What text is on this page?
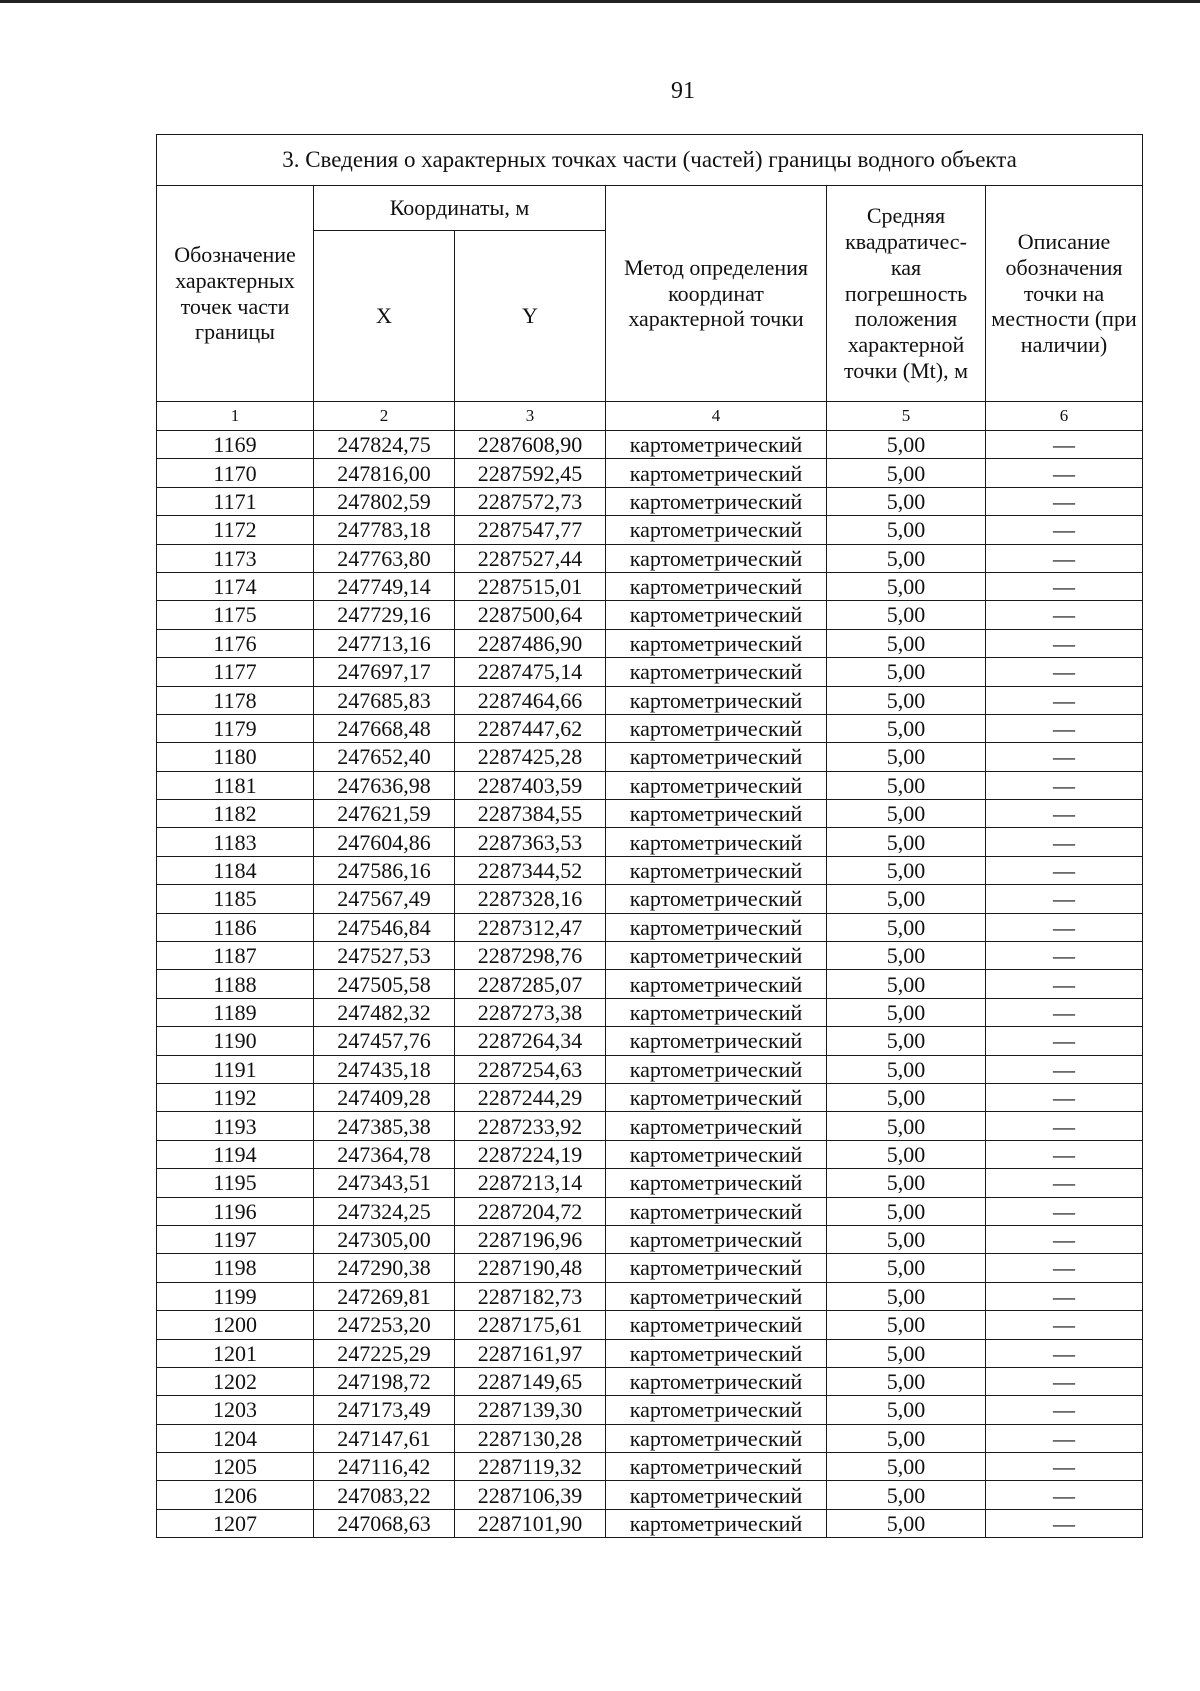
91
3. Сведения о характерных точках части (частей) границы водного объекта					
Обозначение характерных точек части границы	Координаты, м		Метод определения координат характерной точки	Средняя квадратичес-кая погрешность положения характерной точки (Mt), м	Описание обозначения точки на местности (при наличии)
	X	Y			
1	2	3	4	5	6
1169	247824,75	2287608,90	картометрический	5,00	—
1170	247816,00	2287592,45	картометрический	5,00	—
1171	247802,59	2287572,73	картометрический	5,00	—
1172	247783,18	2287547,77	картометрический	5,00	—
1173	247763,80	2287527,44	картометрический	5,00	—
1174	247749,14	2287515,01	картометрический	5,00	—
1175	247729,16	2287500,64	картометрический	5,00	—
1176	247713,16	2287486,90	картометрический	5,00	—
1177	247697,17	2287475,14	картометрический	5,00	—
1178	247685,83	2287464,66	картометрический	5,00	—
1179	247668,48	2287447,62	картометрический	5,00	—
1180	247652,40	2287425,28	картометрический	5,00	—
1181	247636,98	2287403,59	картометрический	5,00	—
1182	247621,59	2287384,55	картометрический	5,00	—
1183	247604,86	2287363,53	картометрический	5,00	—
1184	247586,16	2287344,52	картометрический	5,00	—
1185	247567,49	2287328,16	картометрический	5,00	—
1186	247546,84	2287312,47	картометрический	5,00	—
1187	247527,53	2287298,76	картометрический	5,00	—
1188	247505,58	2287285,07	картометрический	5,00	—
1189	247482,32	2287273,38	картометрический	5,00	—
1190	247457,76	2287264,34	картометрический	5,00	—
1191	247435,18	2287254,63	картометрический	5,00	—
1192	247409,28	2287244,29	картометрический	5,00	—
1193	247385,38	2287233,92	картометрический	5,00	—
1194	247364,78	2287224,19	картометрический	5,00	—
1195	247343,51	2287213,14	картометрический	5,00	—
1196	247324,25	2287204,72	картометрический	5,00	—
1197	247305,00	2287196,96	картометрический	5,00	—
1198	247290,38	2287190,48	картометрический	5,00	—
1199	247269,81	2287182,73	картометрический	5,00	—
1200	247253,20	2287175,61	картометрический	5,00	—
1201	247225,29	2287161,97	картометрический	5,00	—
1202	247198,72	2287149,65	картометрический	5,00	—
1203	247173,49	2287139,30	картометрический	5,00	—
1204	247147,61	2287130,28	картометрический	5,00	—
1205	247116,42	2287119,32	картометрический	5,00	—
1206	247083,22	2287106,39	картометрический	5,00	—
1207	247068,63	2287101,90	картометрический	5,00	—
